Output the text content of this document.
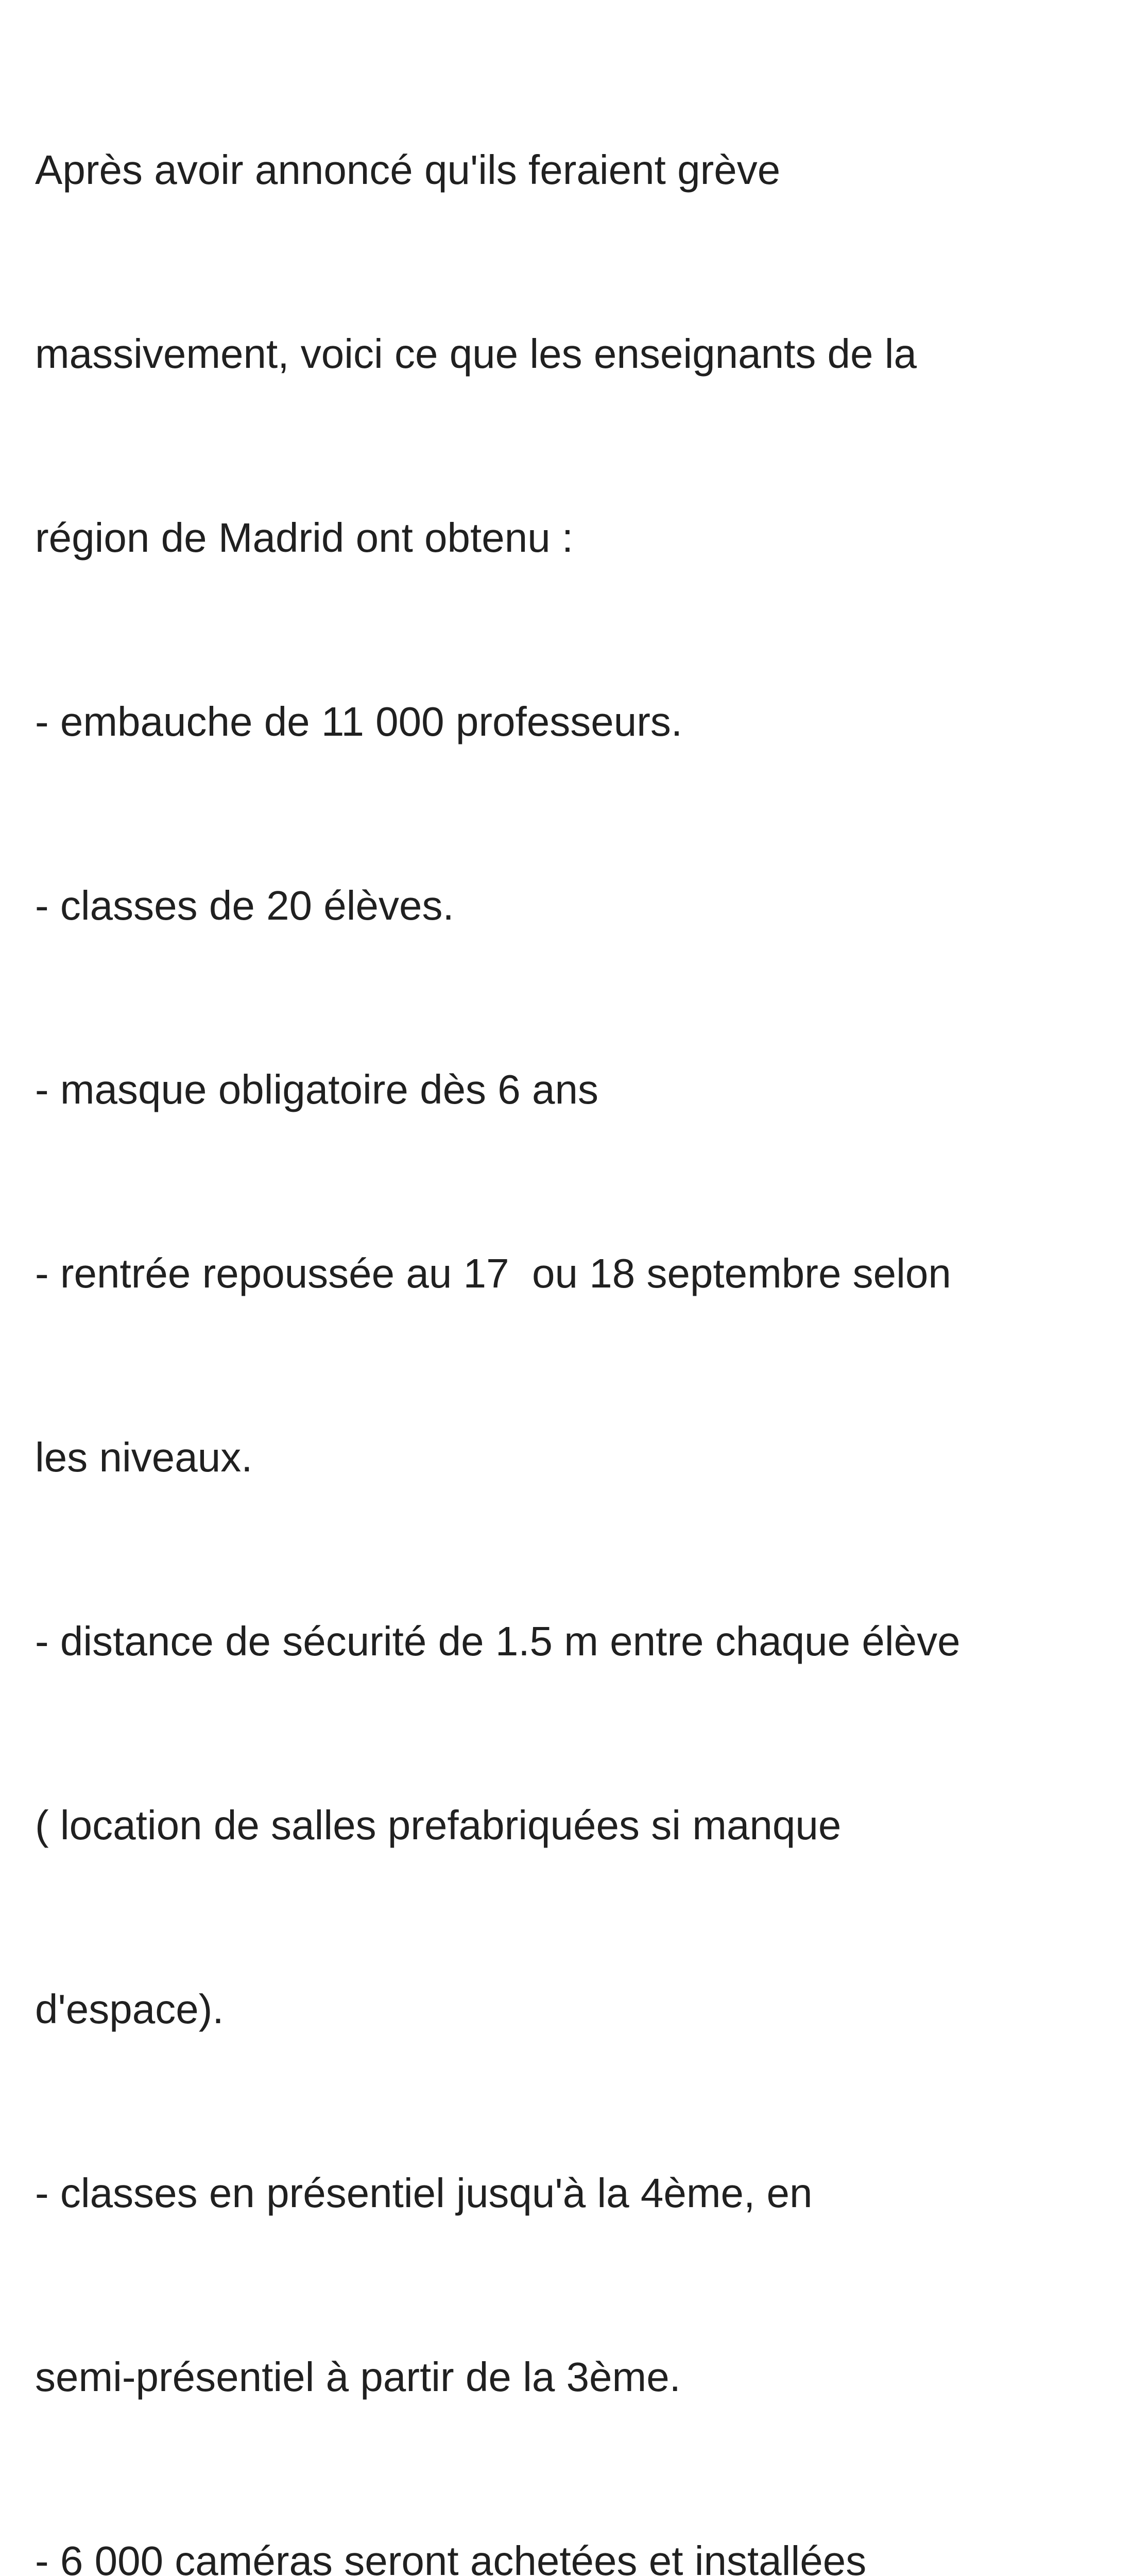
Après avoir annoncé qu'ils feraient grève

massivement, voici ce que les enseignants de la

région de Madrid ont obtenu :

- embauche de 11 000 professeurs.

- classes de 20 élèves.

- masque obligatoire dès 6 ans

- rentrée repoussée au 17  ou 18 septembre selon

les niveaux.

- distance de sécurité de 1.5 m entre chaque élève

( location de salles prefabriquées si manque

d'espace).

- classes en présentiel jusqu'à la 4ème, en

semi-présentiel à partir de la 3ème.

- 6 000 caméras seront achetées et installées
